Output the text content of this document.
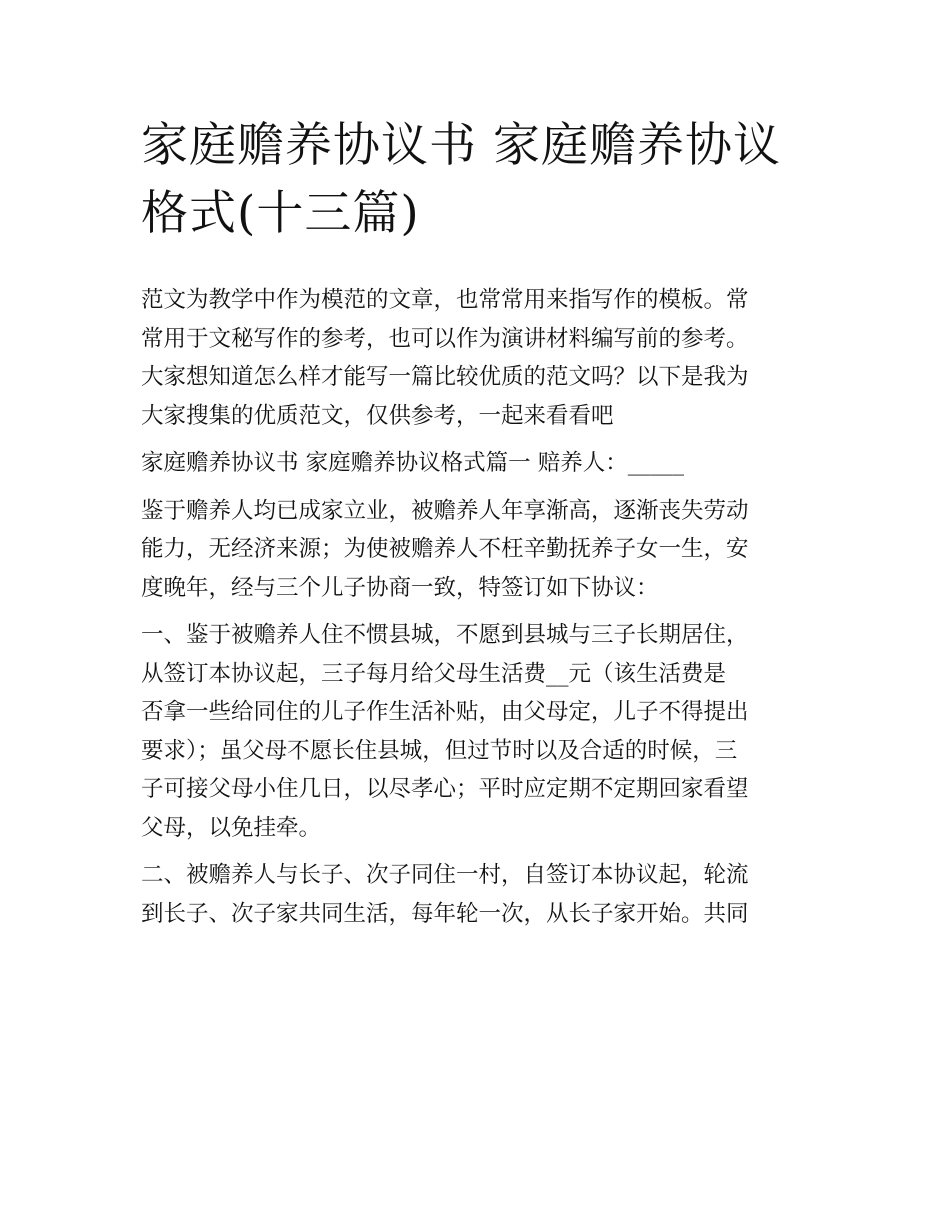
家庭赡养协议书 家庭赡养协议
格式(十三篇)

范文为教学中作为模范的文章，也常常用来指写作的模板。常
常用于文秘写作的参考，也可以作为演讲材料编写前的参考。
大家想知道怎么样才能写一篇比较优质的范文吗？以下是我为
大家搜集的优质范文，仅供参考，一起来看看吧

家庭赡养协议书 家庭赡养协议格式篇一 赔养人：_____

鉴于赡养人均已成家立业，被赡养人年享渐高，逐渐丧失劳动
能力，无经济来源；为使被赡养人不枉辛勤抚养子女一生，安
度晚年，经与三个儿子协商一致，特签订如下协议：

一、鉴于被赡养人住不惯县城，不愿到县城与三子长期居住，
从签订本协议起，三子每月给父母生活费__元（该生活费是
否拿一些给同住的儿子作生活补贴，由父母定，儿子不得提出
要求）；虽父母不愿长住县城，但过节时以及合适的时候，三
子可接父母小住几日，以尽孝心；平时应定期不定期回家看望
父母，以免挂牵。

二、被赡养人与长子、次子同住一村，自签订本协议起，轮流
到长子、次子家共同生活，每年轮一次，从长子家开始。共同
